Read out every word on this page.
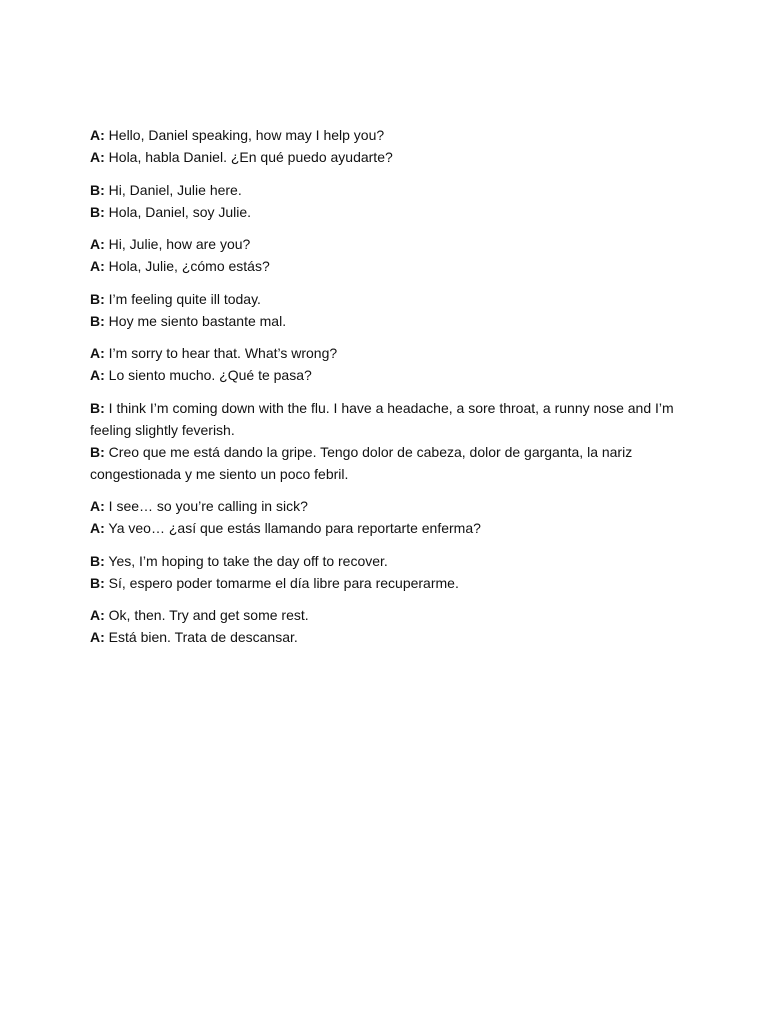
A: Hello, Daniel speaking, how may I help you?

A: Hola, habla Daniel. ¿En qué puedo ayudarte?

B: Hi, Daniel, Julie here.

B: Hola, Daniel, soy Julie.

A: Hi, Julie, how are you?

A: Hola, Julie, ¿cómo estás?

B: I’m feeling quite ill today.

B: Hoy me siento bastante mal.

A: I’m sorry to hear that. What’s wrong?

A: Lo siento mucho. ¿Qué te pasa?

B: I think I’m coming down with the flu. I have a headache, a sore throat, a runny nose and I’m feeling slightly feverish.

B: Creo que me está dando la gripe. Tengo dolor de cabeza, dolor de garganta, la nariz congestionada y me siento un poco febril.

A: I see… so you’re calling in sick?

A: Ya veo… ¿así que estás llamando para reportarte enferma?

B: Yes, I’m hoping to take the day off to recover.

B: Sí, espero poder tomarme el día libre para recuperarme.

A: Ok, then. Try and get some rest.

A: Está bien. Trata de descansar.
